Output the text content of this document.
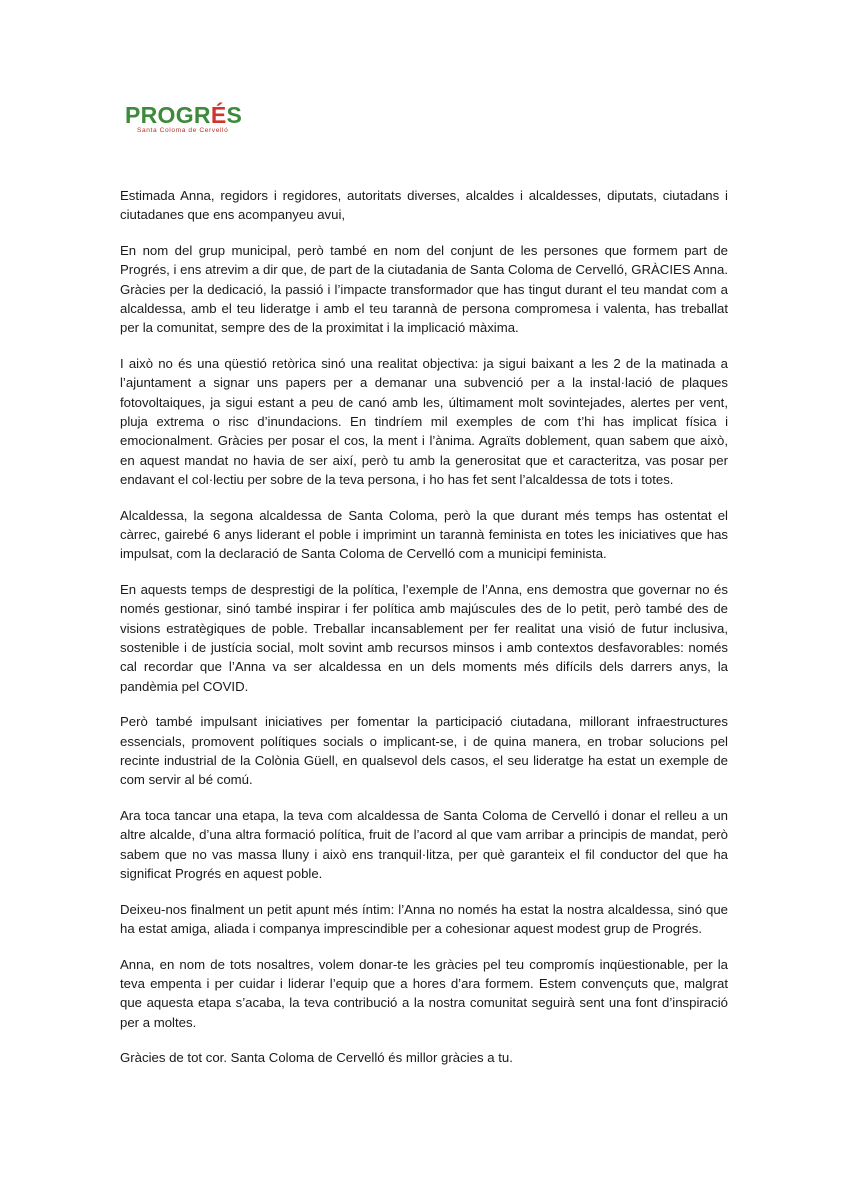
PROGRÉS
Santa Coloma de Cervelló

Estimada Anna, regidors i regidores, autoritats diverses, alcaldes i alcaldesses, diputats, ciutadans i ciutadanes que ens acompanyeu avui,

En nom del grup municipal, però també en nom del conjunt de les persones que formem part de Progrés, i ens atrevim a dir que, de part de la ciutadania de Santa Coloma de Cervelló, GRÀCIES Anna. Gràcies per la dedicació, la passió i l’impacte transformador que has tingut durant el teu mandat com a alcaldessa, amb el teu lideratge i amb el teu tarannà de persona compromesa i valenta, has treballat per la comunitat, sempre des de la proximitat i la implicació màxima.

I això no és una qüestió retòrica sinó una realitat objectiva: ja sigui baixant a les 2 de la matinada a l’ajuntament a signar uns papers per a demanar una subvenció per a la instal·lació de plaques fotovoltaiques, ja sigui estant a peu de canó amb les, últimament molt sovintejades, alertes per vent, pluja extrema o risc d’inundacions. En tindríem mil exemples de com t’hi has implicat física i emocionalment. Gràcies per posar el cos, la ment i l’ànima. Agraïts doblement, quan sabem que això, en aquest mandat no havia de ser així, però tu amb la generositat que et caracteritza, vas posar per endavant el col·lectiu per sobre de la teva persona, i ho has fet sent l’alcaldessa de tots i totes.

Alcaldessa, la segona alcaldessa de Santa Coloma, però la que durant més temps has ostentat el càrrec, gairebé 6 anys liderant el poble i imprimint un tarannà feminista en totes les iniciatives que has impulsat, com la declaració de Santa Coloma de Cervelló com a municipi feminista.

En aquests temps de desprestigi de la política, l’exemple de l’Anna, ens demostra que governar no és només gestionar, sinó també inspirar i fer política amb majúscules des de lo petit, però també des de visions estratègiques de poble. Treballar incansablement per fer realitat una visió de futur inclusiva, sostenible i de justícia social, molt sovint amb recursos minsos i amb contextos desfavorables: només cal recordar que l’Anna va ser alcaldessa en un dels moments més difícils dels darrers anys, la pandèmia pel COVID.

Però també impulsant iniciatives per fomentar la participació ciutadana, millorant infraestructures essencials, promovent polítiques socials o implicant-se, i de quina manera, en trobar solucions pel recinte industrial de la Colònia Güell, en qualsevol dels casos, el seu lideratge ha estat un exemple de com servir al bé comú.

Ara toca tancar una etapa, la teva com alcaldessa de Santa Coloma de Cervelló i donar el relleu a un altre alcalde, d’una altra formació política, fruit de l’acord al que vam arribar a principis de mandat, però sabem que no vas massa lluny i això ens tranquil·litza, per què garanteix el fil conductor del que ha significat Progrés en aquest poble.

Deixeu-nos finalment un petit apunt més íntim: l’Anna no només ha estat la nostra alcaldessa, sinó que ha estat amiga, aliada i companya imprescindible per a cohesionar aquest modest grup de Progrés.

Anna, en nom de tots nosaltres, volem donar-te les gràcies pel teu compromís inqüestionable, per la teva empenta i per cuidar i liderar l’equip que a hores d’ara formem. Estem convençuts que, malgrat que aquesta etapa s’acaba, la teva contribució a la nostra comunitat seguirà sent una font d’inspiració per a moltes.

Gràcies de tot cor. Santa Coloma de Cervelló és millor gràcies a tu.
